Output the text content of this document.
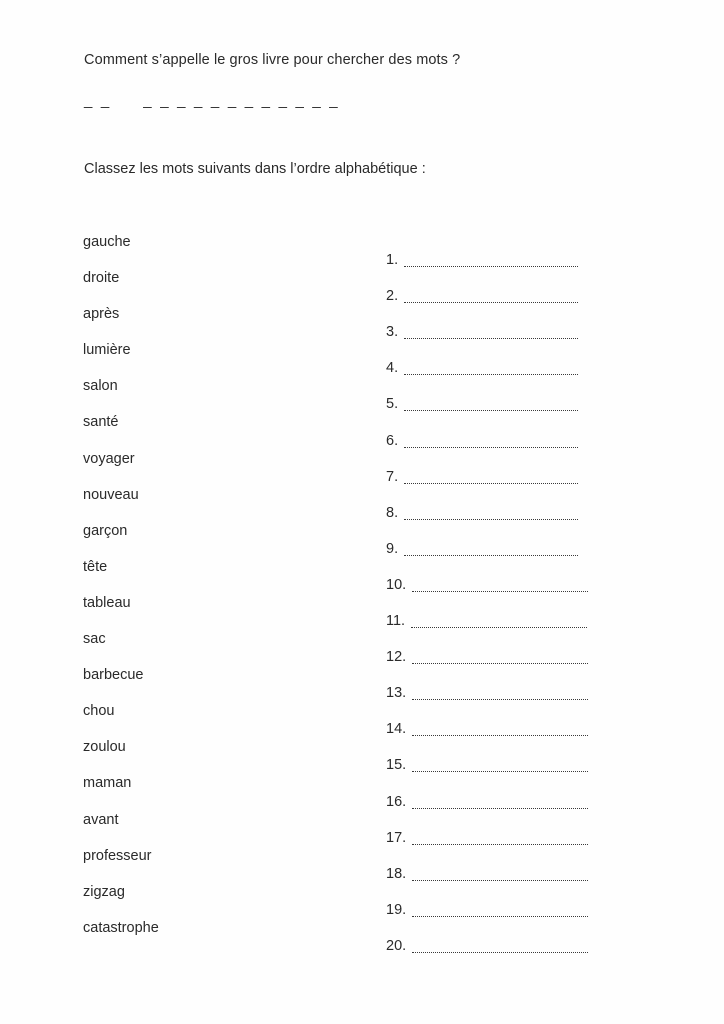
Comment s’appelle le gros livre pour chercher des mots ?
_ _     _ _ _ _ _ _ _ _ _ _ _ _
Classez les mots suivants dans l’ordre alphabétique :
gauche
droite
après
lumière
salon
santé
voyager
nouveau
garçon
tête
tableau
sac
barbecue
chou
zoulou
maman
avant
professeur
zigzag
catastrophe
1.
2.
3.
4.
5.
6.
7.
8.
9.
10.
11.
12.
13.
14.
15.
16.
17.
18.
19.
20.
